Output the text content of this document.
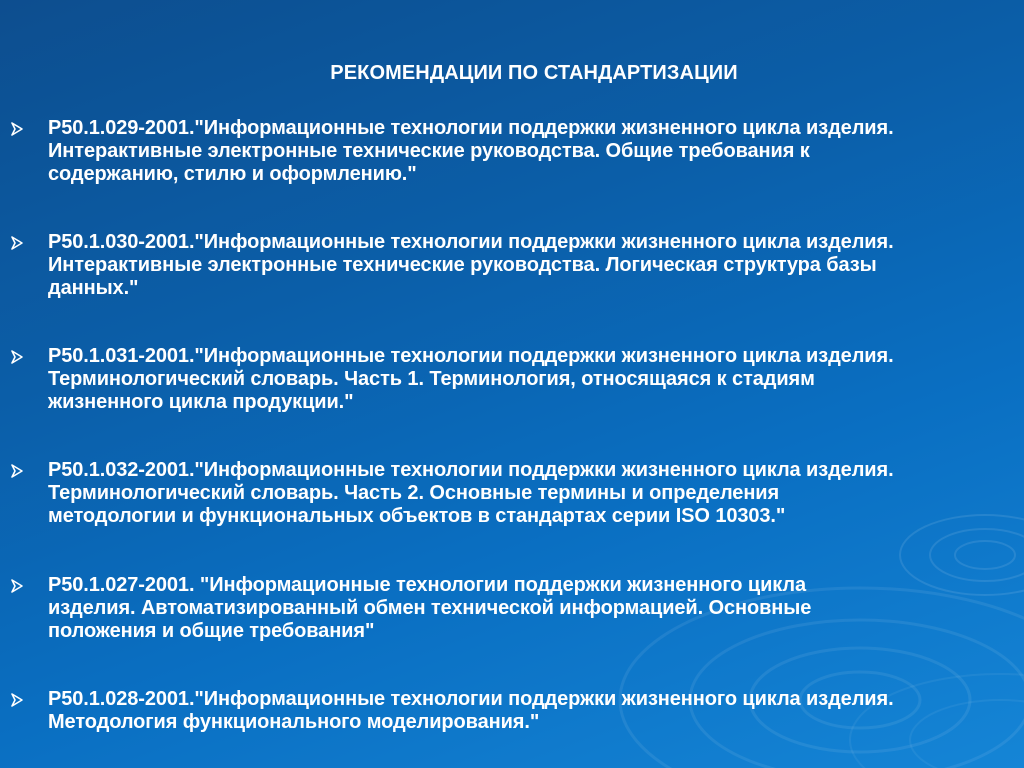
РЕКОМЕНДАЦИИ ПО СТАНДАРТИЗАЦИИ
Р50.1.029-2001."Информационные технологии поддержки жизненного цикла изделия.
Интерактивные электронные технические руководства. Общие требования к
содержанию, стилю и оформлению."
Р50.1.030-2001."Информационные технологии поддержки жизненного цикла изделия.
Интерактивные электронные технические руководства. Логическая структура базы
данных."
Р50.1.031-2001."Информационные технологии поддержки жизненного цикла изделия.
Терминологический словарь. Часть 1. Терминология, относящаяся к стадиям
жизненного цикла продукции."
Р50.1.032-2001."Информационные технологии поддержки жизненного цикла изделия.
Терминологический словарь. Часть 2. Основные термины и определения
методологии и функциональных объектов в стандартах серии ISO 10303."
Р50.1.027-2001. "Информационные технологии поддержки жизненного цикла
изделия. Автоматизированный обмен технической информацией. Основные
положения и общие требования"
Р50.1.028-2001."Информационные технологии поддержки жизненного цикла изделия.
Методология функционального моделирования."
